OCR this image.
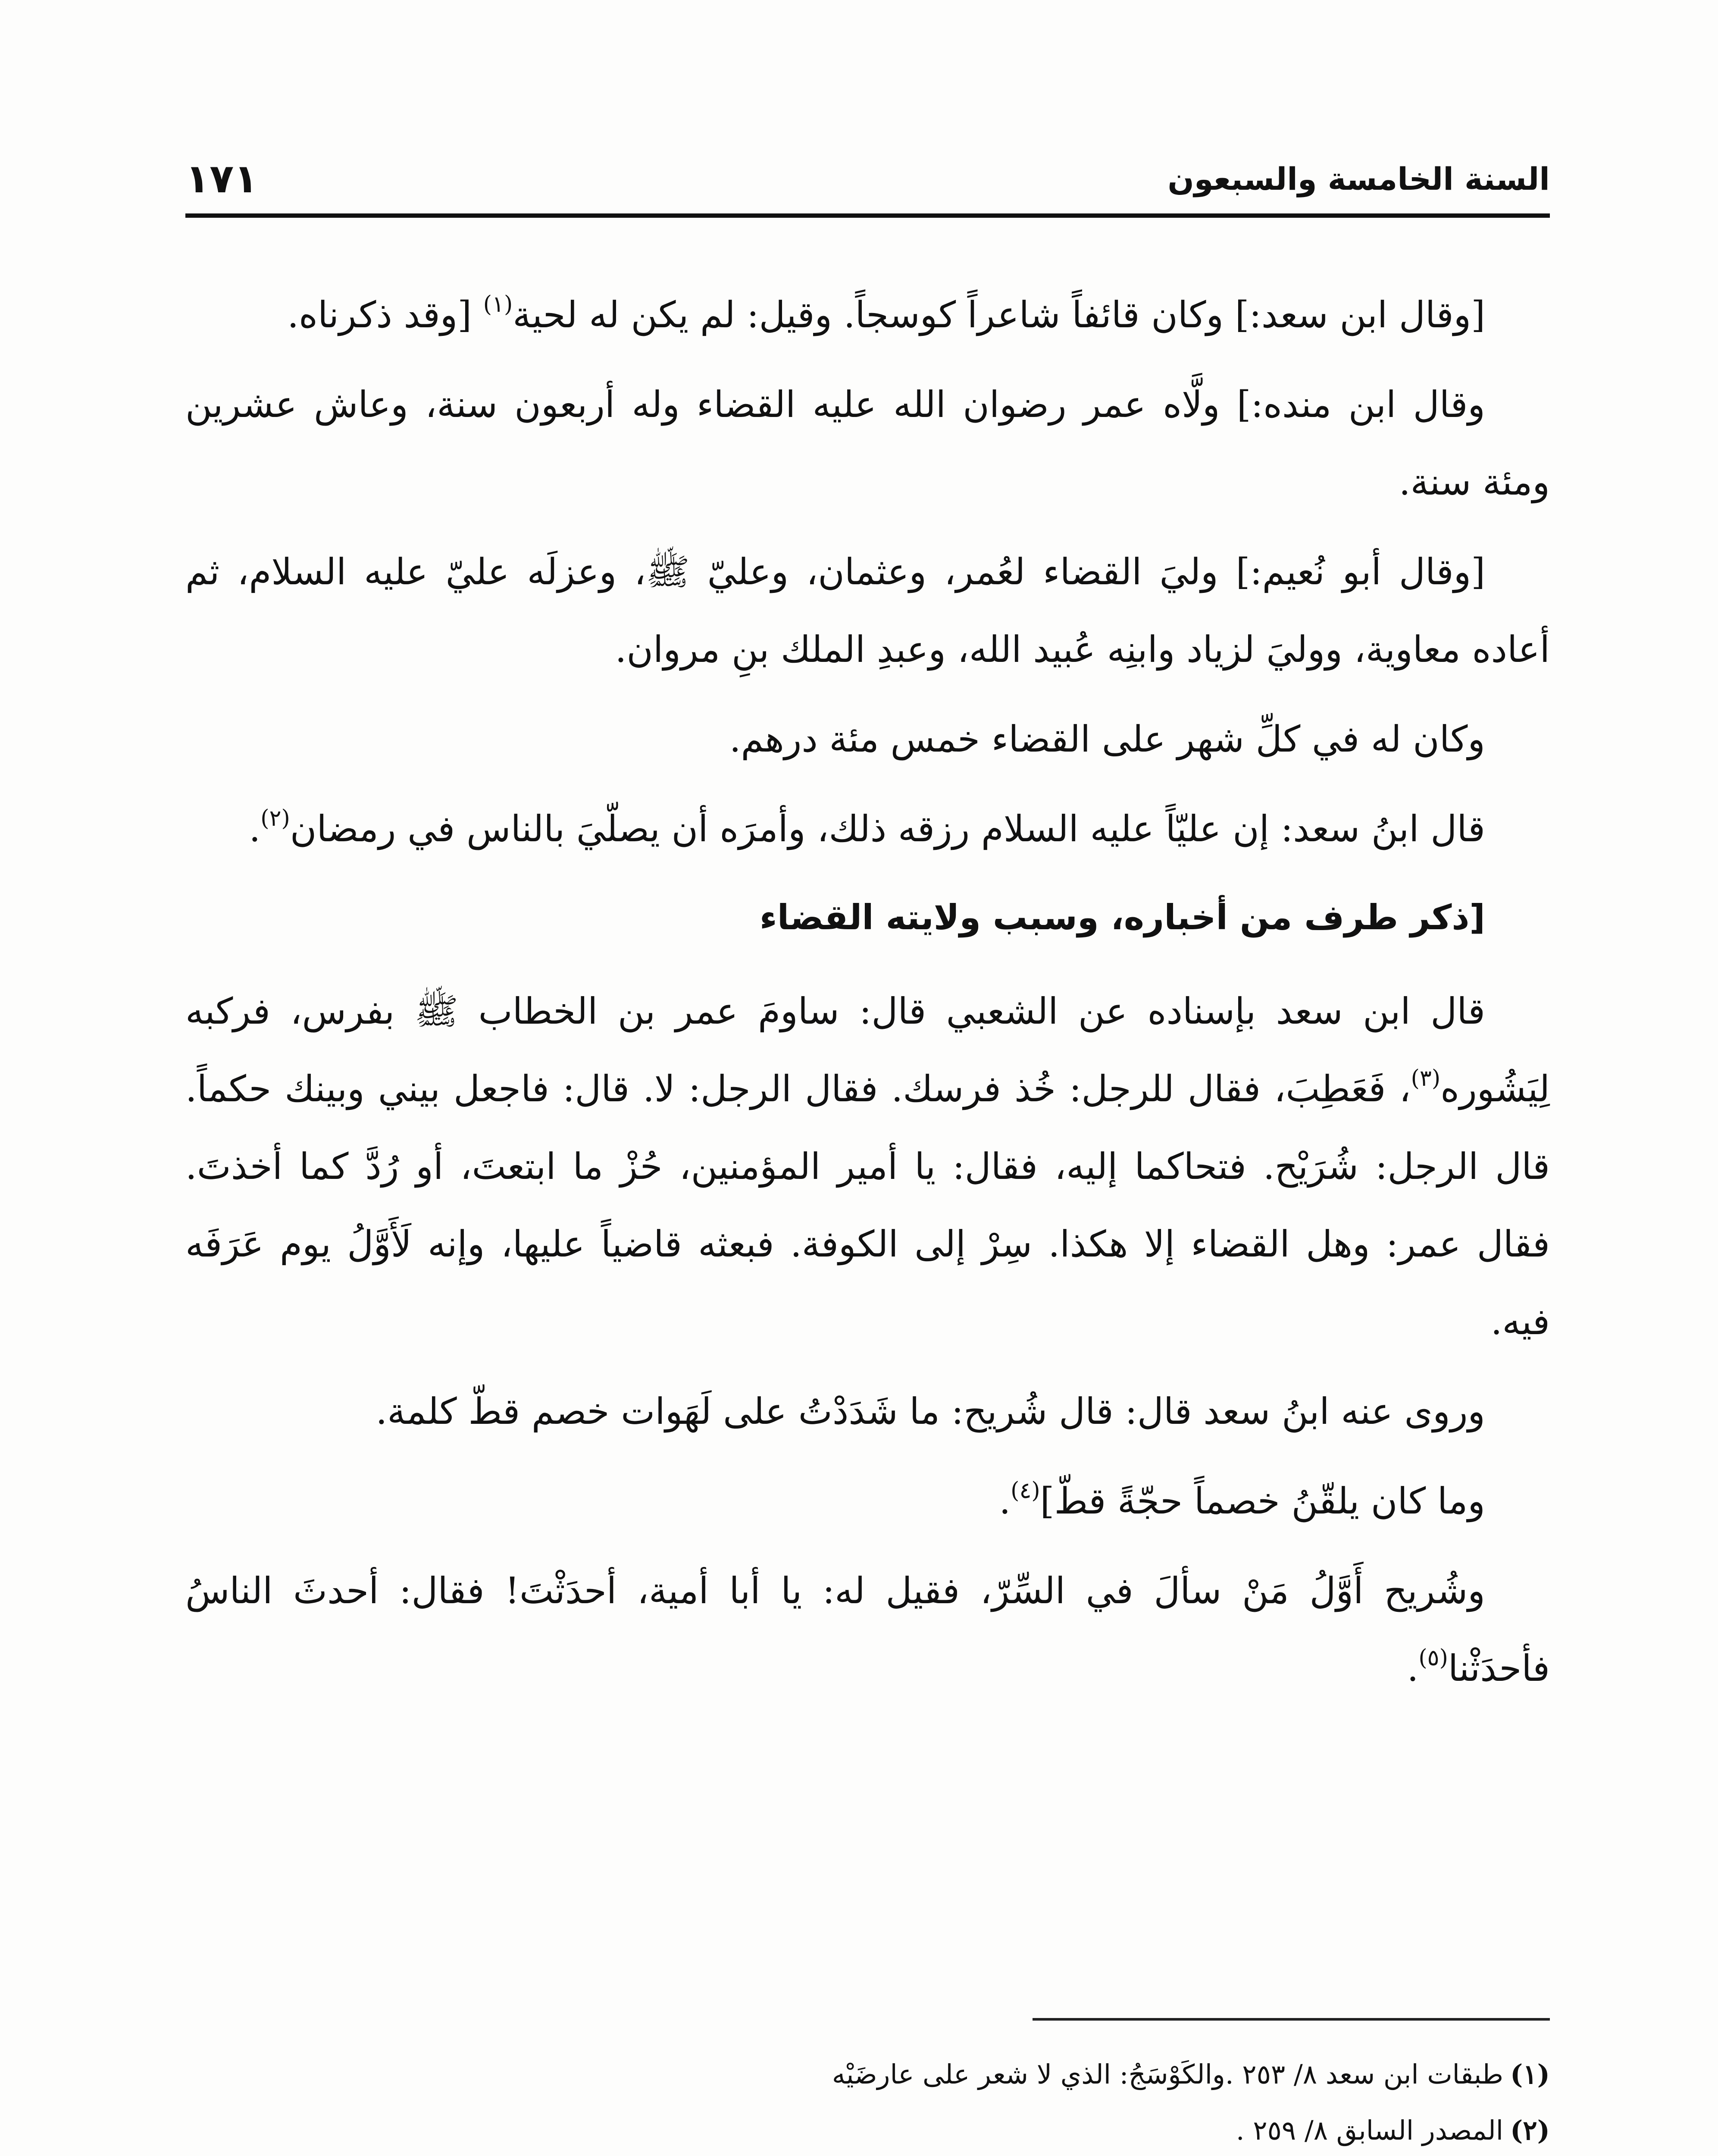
١٧١	السنة الخامسة والسبعون

[وقال ابن سعد:] وكان قائفاً شاعراً كوسجاً. وقيل: لم يكن له لحية$^{(١)}$ [وقد ذكرناه.

وقال ابن منده:] ولَّاه عمر رضوان الله عليه القضاء وله أربعون سنة، وعاش عشرين ومئة سنة.

[وقال أبو نُعيم:] وليَ القضاء لعُمر، وعثمان، وعليّ ﷺ، وعزلَه عليّ عليه السلام، ثم أعاده معاوية، ووليَ لزياد وابنِه عُبيد الله، وعبدِ الملك بنِ مروان.

وكان له في كلِّ شهر على القضاء خمس مئة درهم.

قال ابنُ سعد: إن عليّاً عليه السلام رزقه ذلك، وأمرَه أن يصلّيَ بالناس في رمضان$^{(٢)}$.

[ذكر طرف من أخباره، وسبب ولايته القضاء

قال ابن سعد بإسناده عن الشعبي قال: ساومَ عمر بن الخطاب ﷺ بفرس، فركبه لِيَشُوره$^{(٣)}$، فَعَطِبَ، فقال للرجل: خُذ فرسك. فقال الرجل: لا. قال: فاجعل بيني وبينك حكماً. قال الرجل: شُرَيْح. فتحاكما إليه، فقال: يا أمير المؤمنين، حُزْ ما ابتعتَ، أو رُدَّ كما أخذتَ. فقال عمر: وهل القضاء إلا هكذا. سِرْ إلى الكوفة. فبعثه قاضياً عليها، وإنه لَأَوَّلُ يوم عَرَفَه فيه.

وروى عنه ابنُ سعد قال: قال شُريح: ما شَدَدْتُ على لَهَوات خصم قطّ كلمة.

وما كان يلقّنُ خصماً حجّةً قطّ]$^{(٤)}$.

وشُريح أَوَّلُ مَنْ سألَ في السِّرّ، فقيل له: يا أبا أمية، أحدَثْتَ! فقال: أحدثَ الناسُ فأحدَثْنا$^{(٥)}$.

(١)طبقات ابن سعد ٨/ ٢٥٣ .والكَوْسَجُ: الذي لا شعر على عارضَيْه
(٢)المصدر السابق ٨/ ٢٥٩ .
